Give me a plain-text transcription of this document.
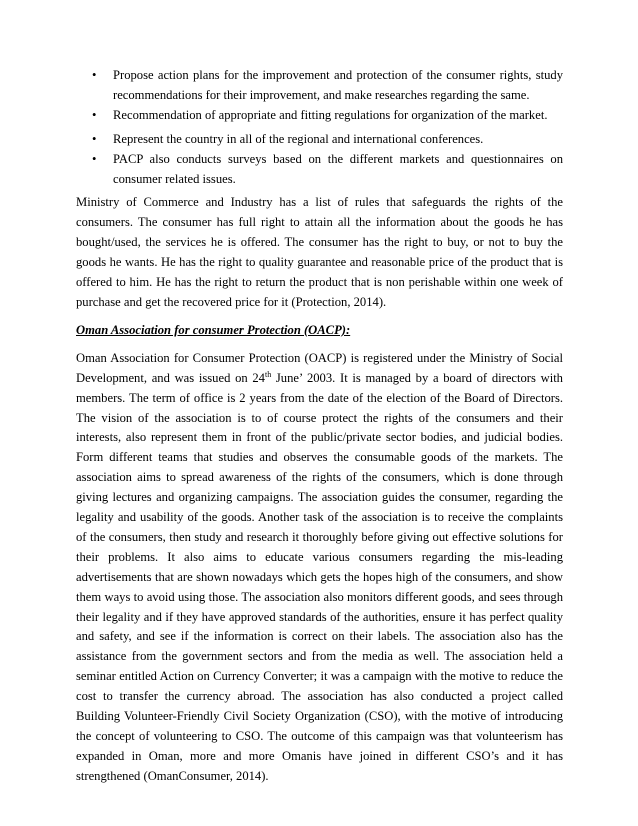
• Propose action plans for the improvement and protection of the consumer rights, study recommendations for their improvement, and make researches regarding the same.
• Recommendation of appropriate and fitting regulations for organization of the market.
• Represent the country in all of the regional and international conferences.
• PACP also conducts surveys based on the different markets and questionnaires on consumer related issues.

Ministry of Commerce and Industry has a list of rules that safeguards the rights of the consumers. The consumer has full right to attain all the information about the goods he has bought/used, the services he is offered. The consumer has the right to buy, or not to buy the goods he wants. He has the right to quality guarantee and reasonable price of the product that is offered to him. He has the right to return the product that is non perishable within one week of purchase and get the recovered price for it (Protection, 2014).

Oman Association for consumer Protection (OACP):

Oman Association for Consumer Protection (OACP) is registered under the Ministry of Social Development, and was issued on 24th June’ 2003. It is managed by a board of directors with members. The term of office is 2 years from the date of the election of the Board of Directors. The vision of the association is to of course protect the rights of the consumers and their interests, also represent them in front of the public/private sector bodies, and judicial bodies. Form different teams that studies and observes the consumable goods of the markets. The association aims to spread awareness of the rights of the consumers, which is done through giving lectures and organizing campaigns. The association guides the consumer, regarding the legality and usability of the goods. Another task of the association is to receive the complaints of the consumers, then study and research it thoroughly before giving out effective solutions for their problems. It also aims to educate various consumers regarding the mis-leading advertisements that are shown nowadays which gets the hopes high of the consumers, and show them ways to avoid using those. The association also monitors different goods, and sees through their legality and if they have approved standards of the authorities, ensure it has perfect quality and safety, and see if the information is correct on their labels. The association also has the assistance from the government sectors and from the media as well. The association held a seminar entitled Action on Currency Converter; it was a campaign with the motive to reduce the cost to transfer the currency abroad. The association has also conducted a project called Building Volunteer-Friendly Civil Society Organization (CSO), with the motive of introducing the concept of volunteering to CSO. The outcome of this campaign was that volunteerism has expanded in Oman, more and more Omanis have joined in different CSO’s and it has strengthened (OmanConsumer, 2014).
